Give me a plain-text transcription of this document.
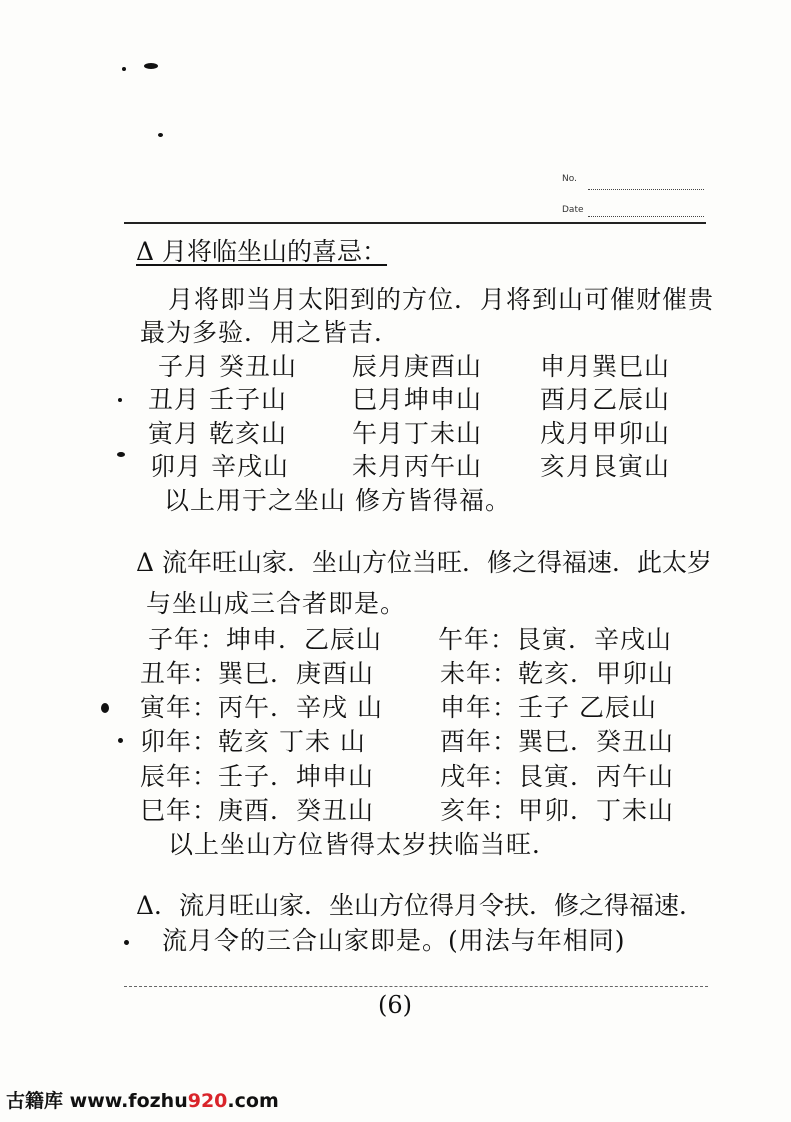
No.
Date
Δ 月将临坐山的喜忌：
月将即当月太阳到的方位．月将到山可催财催贵
最为多验．用之皆吉．
子月 癸丑山 辰月庚酉山 申月巽巳山
丑月 壬子山	巳月坤申山 酉月乙辰山
寅月 乾亥山	午月丁未山 戌月甲卯山
卯月 辛戌山	未月丙午山 亥月艮寅山
以上用于之坐山 修方皆得福。
Δ 流年旺山家．坐山方位当旺．修之得福速．此太岁
与坐山成三合者即是。
子年：坤申．乙辰山 午年：艮寅．辛戌山
丑年：巽巳．庚酉山	未年：乾亥．甲卯山
寅年：丙午．辛戌 山 申年：壬子 乙辰山
卯年：乾亥 丁未 山	酉年：巽巳．癸丑山
辰年：壬子．坤申山	戌年：艮寅．丙午山
巳年：庚酉．癸丑山	亥年：甲卯．丁未山
以上坐山方位皆得太岁扶临当旺．
Δ．流月旺山家．坐山方位得月令扶．修之得福速．
流月令的三合山家即是。(用法与年相同)
(6)
古籍库 www.fozhu920.com
